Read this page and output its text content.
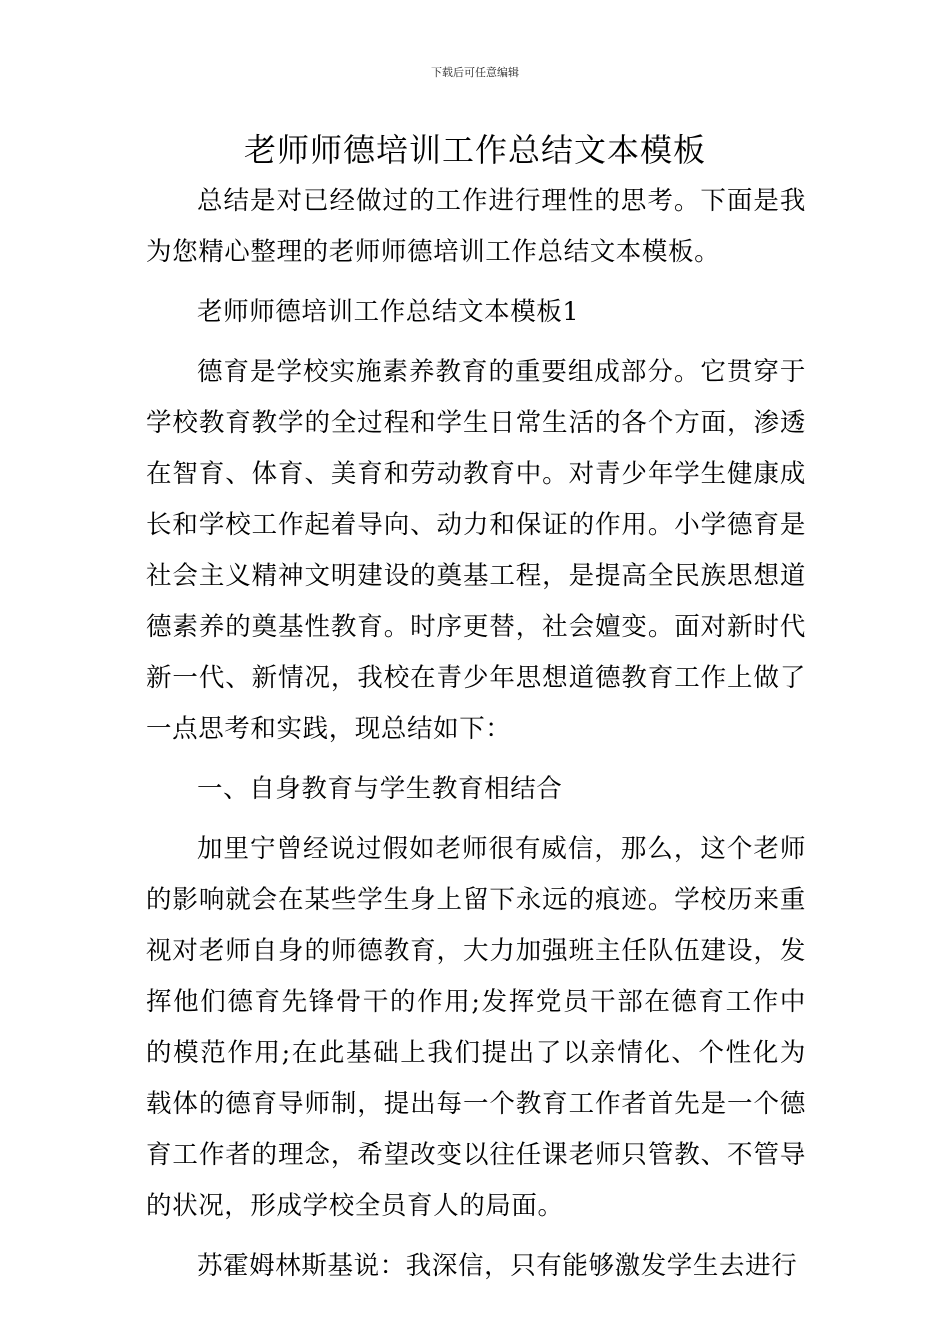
下载后可任意编辑
老师师德培训工作总结文本模板

总结是对已经做过的工作进行理性的思考。下面是我为您精心整理的老师师德培训工作总结文本模板。

老师师德培训工作总结文本模板1

德育是学校实施素养教育的重要组成部分。它贯穿于学校教育教学的全过程和学生日常生活的各个方面，渗透在智育、体育、美育和劳动教育中。对青少年学生健康成长和学校工作起着导向、动力和保证的作用。小学德育是社会主义精神文明建设的奠基工程，是提高全民族思想道德素养的奠基性教育。时序更替，社会嬗变。面对新时代新一代、新情况，我校在青少年思想道德教育工作上做了一点思考和实践，现总结如下：

一、自身教育与学生教育相结合

加里宁曾经说过假如老师很有威信，那么，这个老师的影响就会在某些学生身上留下永远的痕迹。学校历来重视对老师自身的师德教育，大力加强班主任队伍建设，发挥他们德育先锋骨干的作用;发挥党员干部在德育工作中的模范作用;在此基础上我们提出了以亲情化、个性化为载体的德育导师制，提出每一个教育工作者首先是一个德育工作者的理念，希望改变以往任课老师只管教、不管导的状况，形成学校全员育人的局面。

苏霍姆林斯基说：我深信，只有能够激发学生去进行
